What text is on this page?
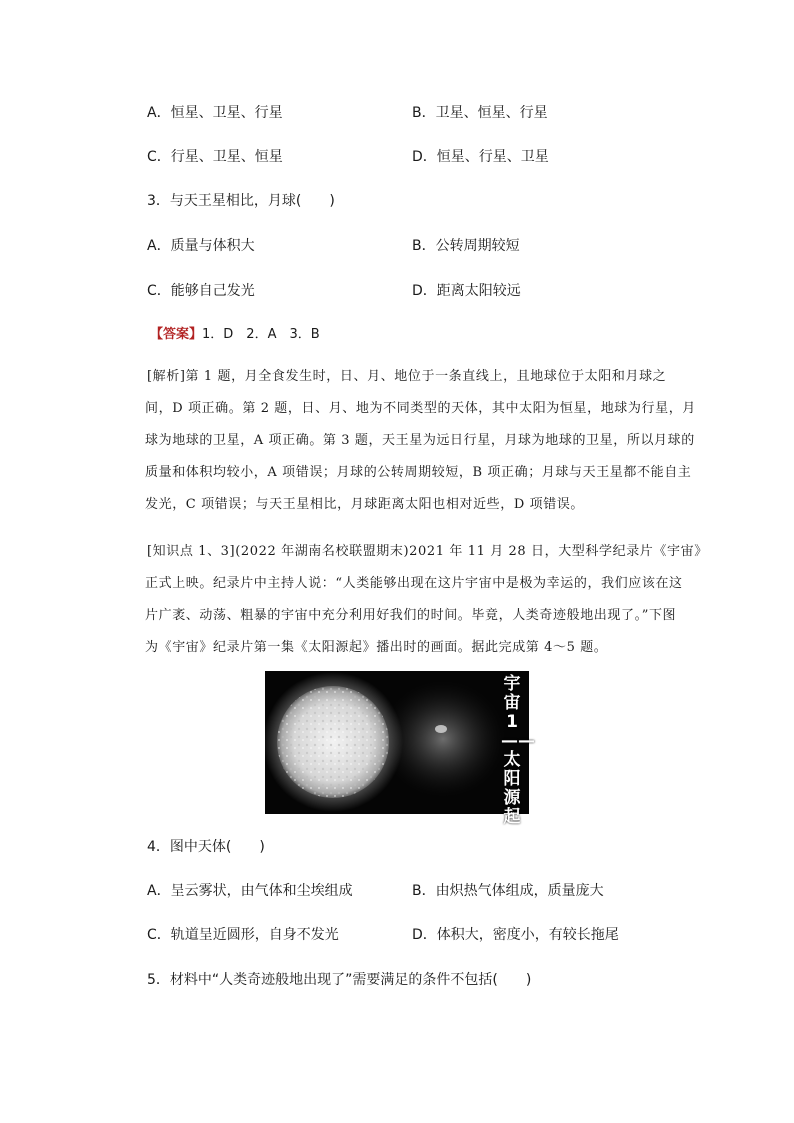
A．恒星、卫星、行星	B．卫星、恒星、行星
C．行星、卫星、恒星	D．恒星、行星、卫星
3．与天王星相比，月球(　　)
A．质量与体积大	B．公转周期较短
C．能够自己发光	D．距离太阳较远
【答案】1．D　2．A　3．B
[解析]第 1 题，月全食发生时，日、月、地位于一条直线上，且地球位于太阳和月球之
间，D 项正确。第 2 题，日、月、地为不同类型的天体，其中太阳为恒星，地球为行星，月
球为地球的卫星，A 项正确。第 3 题，天王星为远日行星，月球为地球的卫星，所以月球的
质量和体积均较小，A 项错误；月球的公转周期较短，B 项正确；月球与天王星都不能自主
发光，C 项错误；与天王星相比，月球距离太阳也相对近些，D 项错误。
[知识点 1、3](2022 年湖南名校联盟期末)2021 年 11 月 28 日，大型科学纪录片《宇宙》
正式上映。纪录片中主持人说：“人类能够出现在这片宇宙中是极为幸运的，我们应该在这
片广袤、动荡、粗暴的宇宙中充分利用好我们的时间。毕竟，人类奇迹般地出现了。”下图
为《宇宙》纪录片第一集《太阳源起》播出时的画面。据此完成第 4～5 题。
宇宙1——太阳源起
4．图中天体(　　)
A．呈云雾状，由气体和尘埃组成	B．由炽热气体组成，质量庞大
C．轨道呈近圆形，自身不发光	D．体积大，密度小，有较长拖尾
5．材料中“人类奇迹般地出现了”需要满足的条件不包括(　　)
